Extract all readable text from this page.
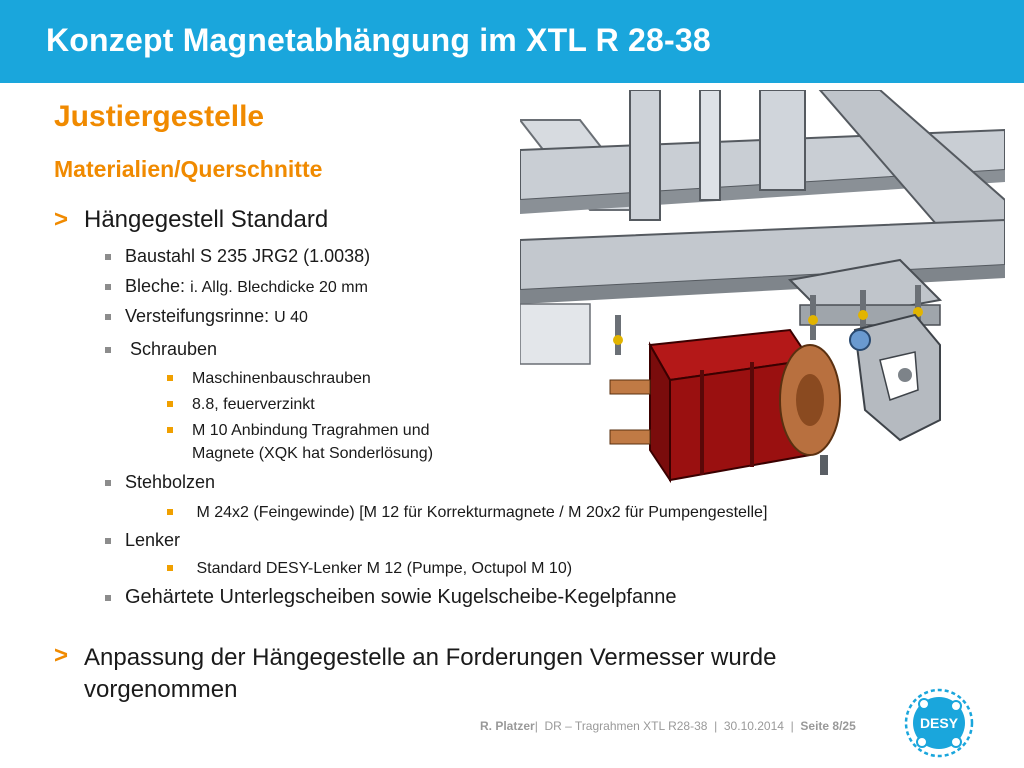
Konzept Magnetabhängung im XTL R 28-38
Justiergestelle
Materialien/Querschnitte
> Hängegestell Standard
Baustahl S 235 JRG2 (1.0038)
Bleche: i. Allg. Blechdicke 20 mm
Versteifungsrinne: U 40
Schrauben
Maschinenbauschrauben
8.8, feuerverzinkt
M 10 Anbindung Tragrahmen und
Magnete (XQK hat Sonderlösung)
Stehbolzen
M 24x2 (Feingewinde) [M 12 für Korrekturmagnete / M 20x2 für Pumpengestelle]
Lenker
Standard DESY-Lenker M 12 (Pumpe, Octupol M 10)
Gehärtete Unterlegscheiben sowie Kugelscheibe-Kegelpfanne
> Anpassung der Hängegestelle an Forderungen Vermesser wurde
vorgenommen
R. Platzer|  DR – Tragrahmen XTL R28-38  |  30.10.2014  |  Seite 8/25	DESY
